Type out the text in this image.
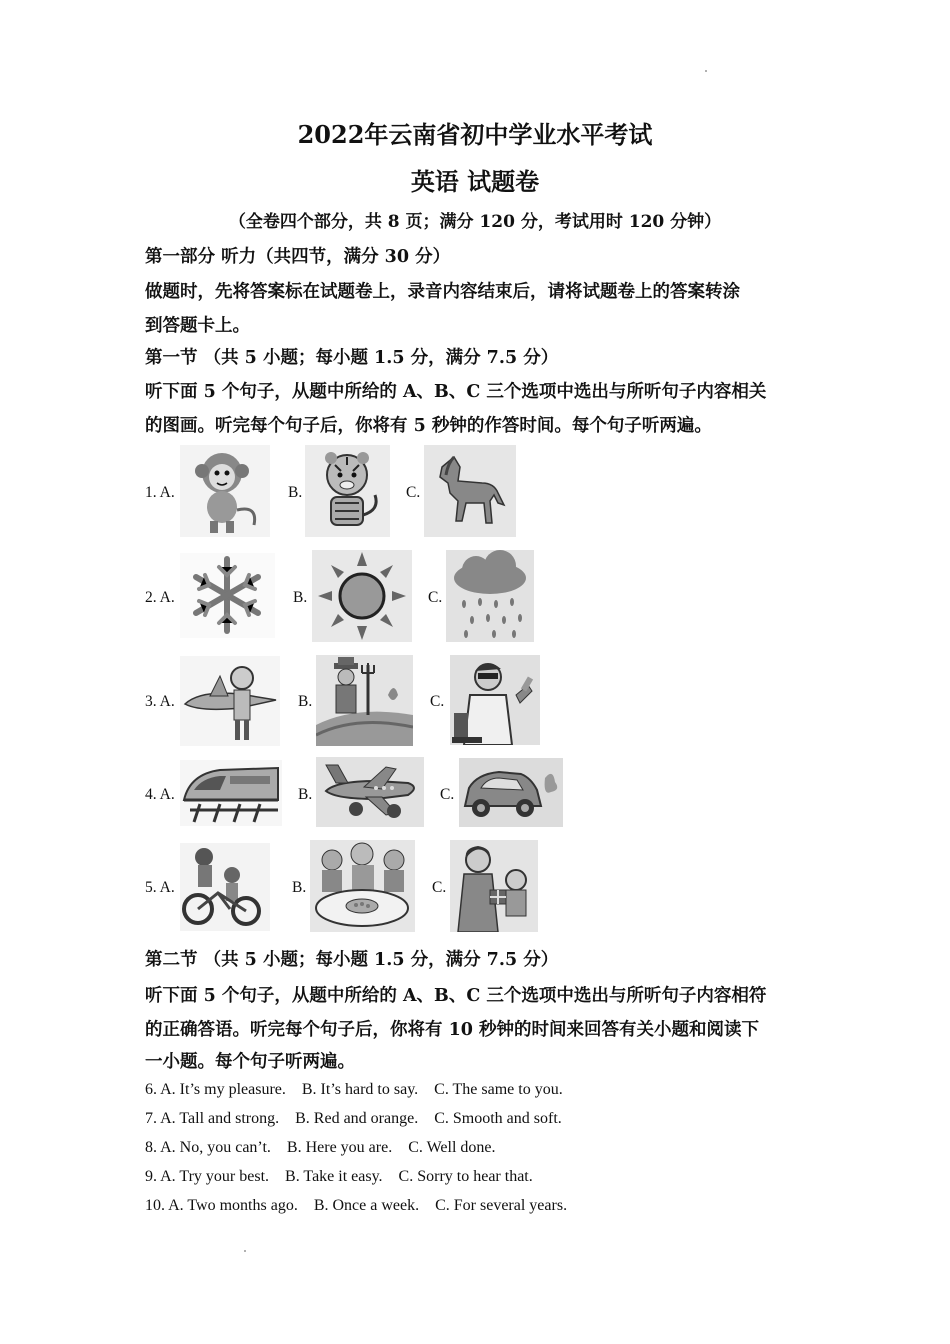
2022年云南省初中学业水平考试
英语 试题卷
（全卷四个部分，共 8 页；满分 120 分，考试用时 120 分钟）
第一部分 听力（共四节，满分 30 分）
做题时，先将答案标在试题卷上，录音内容结束后，请将试题卷上的答案转涂
到答题卡上。
第一节 （共 5 小题；每小题 1.5 分，满分 7.5 分）
听下面 5 个句子，从题中所给的 A、B、C 三个选项中选出与所听句子内容相关
的图画。听完每个句子后，你将有 5 秒钟的作答时间。每个句子听两遍。
1. A.	B.	C.
2. A.	B.	C.
3. A.	B.	C.
4. A.	B.	C.
5. A.	B.	C.
第二节 （共 5 小题；每小题 1.5 分，满分 7.5 分）
听下面 5 个句子，从题中所给的 A、B、C 三个选项中选出与所听句子内容相符
的正确答语。听完每个句子后，你将有 10 秒钟的时间来回答有关小题和阅读下
一小题。每个句子听两遍。
6. A. It’s my pleasure.    B. It’s hard to say.    C. The same to you.
7. A. Tall and strong.    B. Red and orange.    C. Smooth and soft.
8. A. No, you can’t.    B. Here you are.    C. Well done.
9. A. Try your best.    B. Take it easy.    C. Sorry to hear that.
10. A. Two months ago.    B. Once a week.    C. For several years.
